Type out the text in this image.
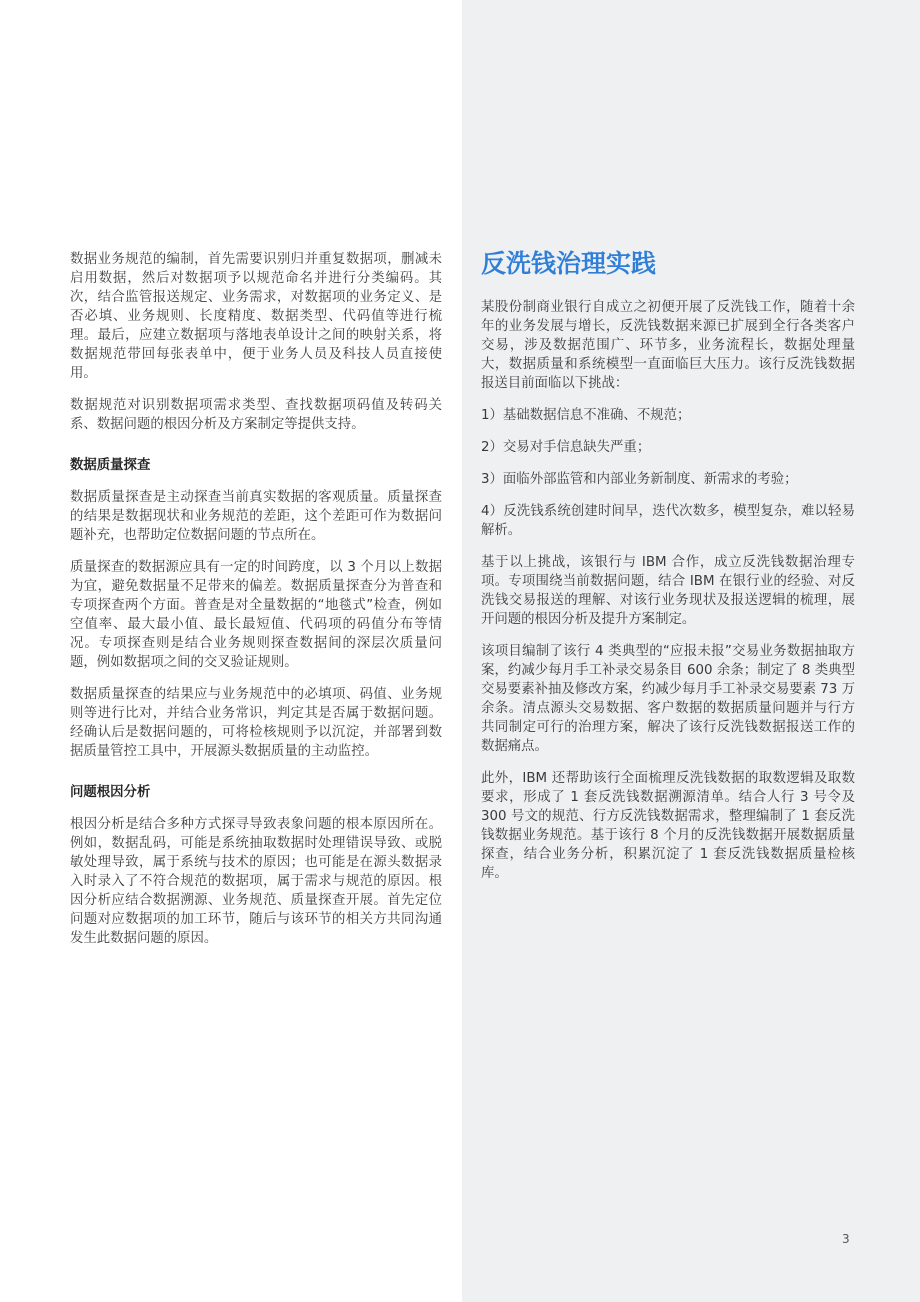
数据业务规范的编制，首先需要识别归并重复数据项，删减未启用数据，然后对数据项予以规范命名并进行分类编码。其次，结合监管报送规定、业务需求，对数据项的业务定义、是否必填、业务规则、长度精度、数据类型、代码值等进行梳理。最后，应建立数据项与落地表单设计之间的映射关系，将数据规范带回每张表单中，便于业务人员及科技人员直接使用。

数据规范对识别数据项需求类型、查找数据项码值及转码关系、数据问题的根因分析及方案制定等提供支持。

数据质量探查

数据质量探查是主动探查当前真实数据的客观质量。质量探查的结果是数据现状和业务规范的差距，这个差距可作为数据问题补充，也帮助定位数据问题的节点所在。

质量探查的数据源应具有一定的时间跨度，以 3 个月以上数据为宜，避免数据量不足带来的偏差。数据质量探查分为普查和专项探查两个方面。普查是对全量数据的“地毯式”检查，例如空值率、最大最小值、最长最短值、代码项的码值分布等情况。专项探查则是结合业务规则探查数据间的深层次质量问题，例如数据项之间的交叉验证规则。

数据质量探查的结果应与业务规范中的必填项、码值、业务规则等进行比对，并结合业务常识，判定其是否属于数据问题。经确认后是数据问题的，可将检核规则予以沉淀，并部署到数据质量管控工具中，开展源头数据质量的主动监控。

问题根因分析

根因分析是结合多种方式探寻导致表象问题的根本原因所在。例如，数据乱码，可能是系统抽取数据时处理错误导致、或脱敏处理导致，属于系统与技术的原因；也可能是在源头数据录入时录入了不符合规范的数据项，属于需求与规范的原因。根因分析应结合数据溯源、业务规范、质量探查开展。首先定位问题对应数据项的加工环节，随后与该环节的相关方共同沟通发生此数据问题的原因。

反洗钱治理实践

某股份制商业银行自成立之初便开展了反洗钱工作，随着十余年的业务发展与增长，反洗钱数据来源已扩展到全行各类客户交易，涉及数据范围广、环节多，业务流程长，数据处理量大，数据质量和系统模型一直面临巨大压力。该行反洗钱数据报送目前面临以下挑战：

1）基础数据信息不准确、不规范；

2）交易对手信息缺失严重；

3）面临外部监管和内部业务新制度、新需求的考验；

4）反洗钱系统创建时间早，迭代次数多，模型复杂，难以轻易解析。

基于以上挑战，该银行与 IBM 合作，成立反洗钱数据治理专项。专项围绕当前数据问题，结合 IBM 在银行业的经验、对反洗钱交易报送的理解、对该行业务现状及报送逻辑的梳理，展开问题的根因分析及提升方案制定。

该项目编制了该行 4 类典型的“应报未报”交易业务数据抽取方案，约减少每月手工补录交易条目 600 余条；制定了 8 类典型交易要素补抽及修改方案，约减少每月手工补录交易要素 73 万余条。清点源头交易数据、客户数据的数据质量问题并与行方共同制定可行的治理方案，解决了该行反洗钱数据报送工作的数据痛点。

此外，IBM 还帮助该行全面梳理反洗钱数据的取数逻辑及取数要求，形成了 1 套反洗钱数据溯源清单。结合人行 3 号令及 300 号文的规范、行方反洗钱数据需求，整理编制了 1 套反洗钱数据业务规范。基于该行 8 个月的反洗钱数据开展数据质量探查，结合业务分析，积累沉淀了 1 套反洗钱数据质量检核库。

3
